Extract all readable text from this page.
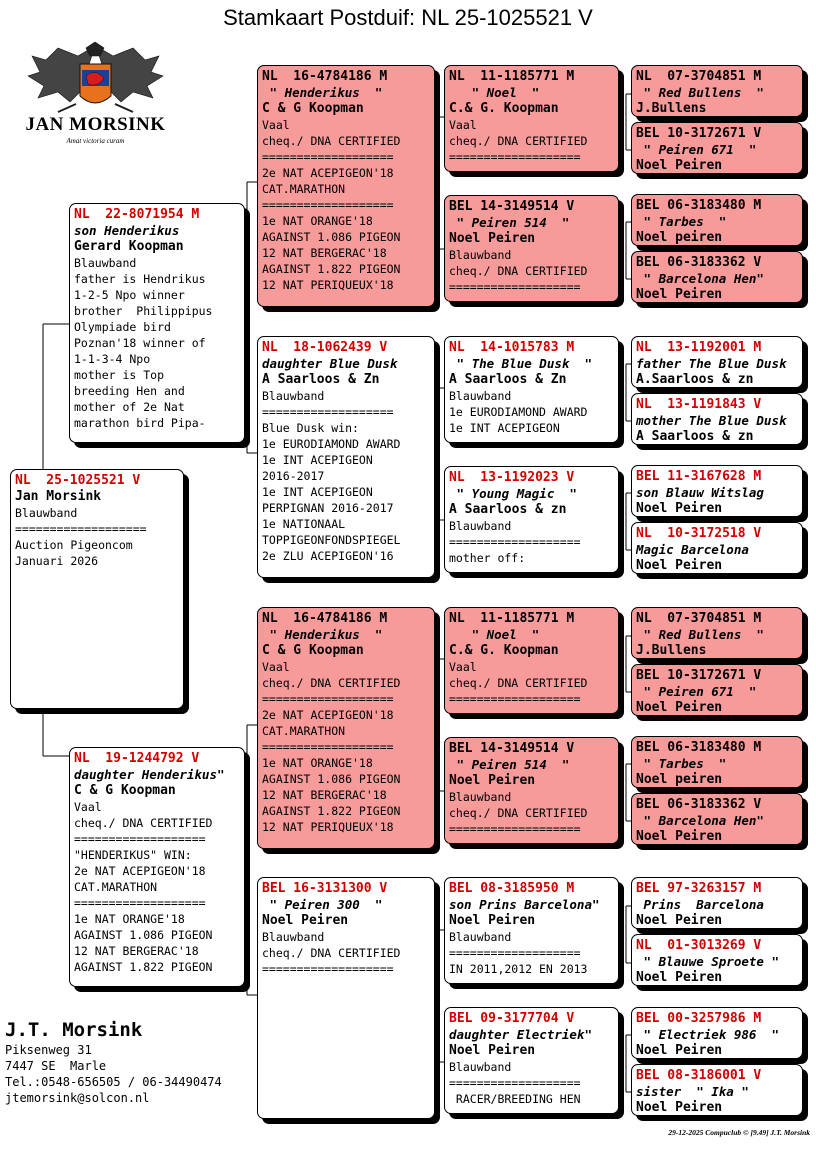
Stamkaart Postduif: NL 25-1025521 V
JAN MORSINK
Amat victoria curam
NL  25-1025521 V
Jan Morsink
Blauwband
===================
Auction Pigeoncom
Januari 2026
NL  22-8071954 M
son Henderikus
Gerard Koopman
Blauwband
father is Hendrikus
1-2-5 Npo winner
brother  Philippipus
Olympiade bird
Poznan'18 winner of
1-1-3-4 Npo
mother is Top
breeding Hen and
mother of 2e Nat
marathon bird Pipa-
NL  19-1244792 V
daughter Henderikus"
C & G Koopman
Vaal
cheq./ DNA CERTIFIED
===================
"HENDERIKUS" WIN:
2e NAT ACEPIGEON'18
CAT.MARATHON
===================
1e NAT ORANGE'18
AGAINST 1.086 PIGEON
12 NAT BERGERAC'18
AGAINST 1.822 PIGEON
NL  16-4784186 M
" Henderikus  "
C & G Koopman
Vaal
cheq./ DNA CERTIFIED
===================
2e NAT ACEPIGEON'18
CAT.MARATHON
===================
1e NAT ORANGE'18
AGAINST 1.086 PIGEON
12 NAT BERGERAC'18
AGAINST 1.822 PIGEON
12 NAT PERIQUEUX'18
NL  18-1062439 V
daughter Blue Dusk
A Saarloos & Zn
Blauwband
===================
Blue Dusk win:
1e EURODIAMOND AWARD
1e INT ACEPIGEON
2016-2017
1e INT ACEPIGEON
PERPIGNAN 2016-2017
1e NATIONAAL
TOPPIGEONFONDSPIEGEL
2e ZLU ACEPIGEON'16
NL  16-4784186 M
" Henderikus  "
C & G Koopman
Vaal
cheq./ DNA CERTIFIED
===================
2e NAT ACEPIGEON'18
CAT.MARATHON
===================
1e NAT ORANGE'18
AGAINST 1.086 PIGEON
12 NAT BERGERAC'18
AGAINST 1.822 PIGEON
12 NAT PERIQUEUX'18
BEL 16-3131300 V
" Peiren 300  "
Noel Peiren
Blauwband
cheq./ DNA CERTIFIED
===================
NL  11-1185771 M
" Noel  "
C.& G. Koopman
Vaal
cheq./ DNA CERTIFIED
===================
BEL 14-3149514 V
" Peiren 514  "
Noel Peiren
Blauwband
cheq./ DNA CERTIFIED
===================
NL  14-1015783 M
" The Blue Dusk  "
A Saarloos & Zn
Blauwband
1e EURODIAMOND AWARD
1e INT ACEPIGEON
NL  13-1192023 V
" Young Magic  "
A Saarloos & zn
Blauwband
===================
mother off:
NL  11-1185771 M
" Noel  "
C.& G. Koopman
Vaal
cheq./ DNA CERTIFIED
===================
BEL 14-3149514 V
" Peiren 514  "
Noel Peiren
Blauwband
cheq./ DNA CERTIFIED
===================
BEL 08-3185950 M
son Prins Barcelona"
Noel Peiren
Blauwband
===================
IN 2011,2012 EN 2013
BEL 09-3177704 V
daughter Electriek"
Noel Peiren
Blauwband
===================
RACER/BREEDING HEN
NL  07-3704851 M
" Red Bullens  "
J.Bullens
BEL 10-3172671 V
" Peiren 671  "
Noel Peiren
BEL 06-3183480 M
" Tarbes  "
Noel peiren
BEL 06-3183362 V
" Barcelona Hen"
Noel Peiren
NL  13-1192001 M
father The Blue Dusk
A.Saarloos & zn
NL  13-1191843 V
mother The Blue Dusk
A Saarloos & zn
BEL 11-3167628 M
son Blauw Witslag
Noel Peiren
NL  10-3172518 V
Magic Barcelona
Noel Peiren
NL  07-3704851 M
" Red Bullens  "
J.Bullens
BEL 10-3172671 V
" Peiren 671  "
Noel Peiren
BEL 06-3183480 M
" Tarbes  "
Noel peiren
BEL 06-3183362 V
" Barcelona Hen"
Noel Peiren
BEL 97-3263157 M
Prins  Barcelona
Noel Peiren
NL  01-3013269 V
" Blauwe Sproete "
Noel Peiren
BEL 00-3257986 M
" Electriek 986  "
Noel Peiren
BEL 08-3186001 V
sister  " Ika "
Noel Peiren
J.T. Morsink
Piksenweg 31
7447 SE  Marle
Tel.:0548-656505 / 06-34490474
jtemorsink@solcon.nl
29-12-2025 Compuclub © [9.49] J.T. Morsink
